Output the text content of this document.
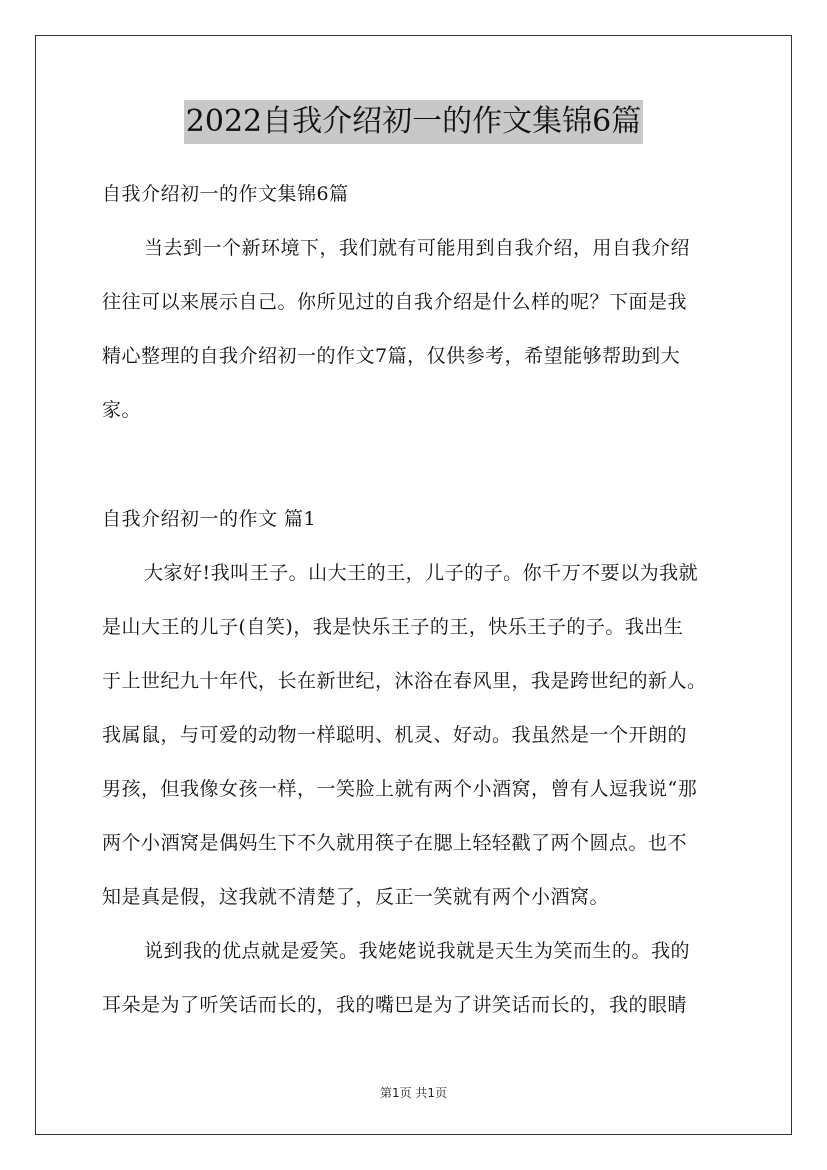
2022自我介绍初一的作文集锦6篇
自我介绍初一的作文集锦6篇
当去到一个新环境下，我们就有可能用到自我介绍，用自我介绍
往往可以来展示自己。你所见过的自我介绍是什么样的呢？下面是我
精心整理的自我介绍初一的作文7篇，仅供参考，希望能够帮助到大
家。
自我介绍初一的作文 篇1
大家好!我叫王子。山大王的王，儿子的子。你千万不要以为我就
是山大王的儿子(自笑)，我是快乐王子的王，快乐王子的子。我出生
于上世纪九十年代，长在新世纪，沐浴在春风里，我是跨世纪的新人。
我属鼠，与可爱的动物一样聪明、机灵、好动。我虽然是一个开朗的
男孩，但我像女孩一样，一笑脸上就有两个小酒窝，曾有人逗我说“那
两个小酒窝是偶妈生下不久就用筷子在腮上轻轻戳了两个圆点。也不
知是真是假，这我就不清楚了，反正一笑就有两个小酒窝。
说到我的优点就是爱笑。我姥姥说我就是天生为笑而生的。我的
耳朵是为了听笑话而长的，我的嘴巴是为了讲笑话而长的，我的眼睛
第1页 共1页
